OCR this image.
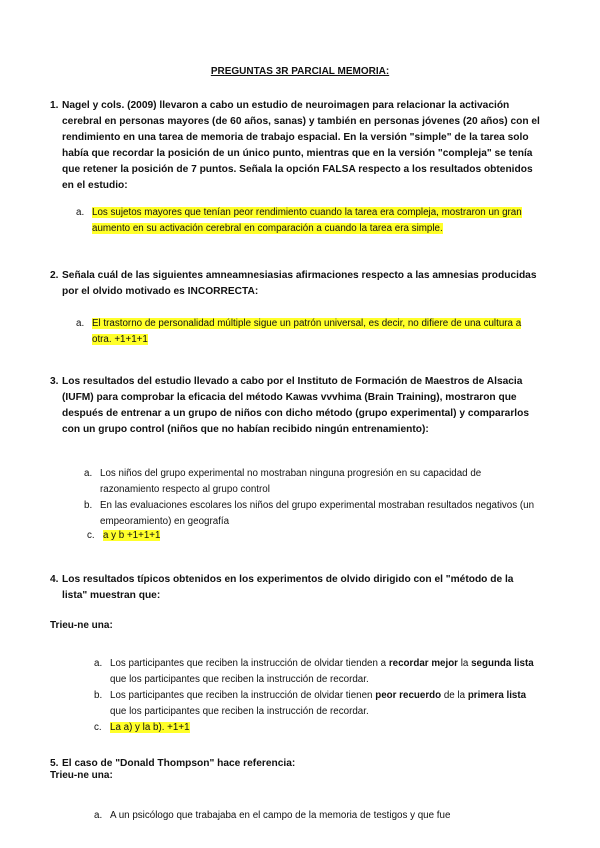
PREGUNTAS 3R PARCIAL MEMORIA:
1. Nagel y cols. (2009) llevaron a cabo un estudio de neuroimagen para relacionar la activación cerebral en personas mayores (de 60 años, sanas) y también en personas jóvenes (20 años) con el rendimiento en una tarea de memoria de trabajo espacial. En la versión "simple" de la tarea solo había que recordar la posición de un único punto, mientras que en la versión "compleja" se tenía que retener la posición de 7 puntos. Señala la opción FALSA respecto a los resultados obtenidos en el estudio:
a. Los sujetos mayores que tenían peor rendimiento cuando la tarea era compleja, mostraron un gran aumento en su activación cerebral en comparación a cuando la tarea era simple.
2. Señala cuál de las siguientes amneamnesiasias afirmaciones respecto a las amnesias producidas por el olvido motivado es INCORRECTA:
a. El trastorno de personalidad múltiple sigue un patrón universal, es decir, no difiere de una cultura a otra. +1+1+1
3. Los resultados del estudio llevado a cabo por el Instituto de Formación de Maestros de Alsacia (IUFM) para comprobar la eficacia del método Kawas vvvhima (Brain Training), mostraron que después de entrenar a un grupo de niños con dicho método (grupo experimental) y compararlos con un grupo control (niños que no habían recibido ningún entrenamiento):
a. Los niños del grupo experimental no mostraban ninguna progresión en su capacidad de razonamiento respecto al grupo control
b. En las evaluaciones escolares los niños del grupo experimental mostraban resultados negativos (un empeoramiento) en geografía
c. a y b +1+1+1
4. Los resultados típicos obtenidos en los experimentos de olvido dirigido con el "método de la lista" muestran que:
Trieu-ne una:
a. Los participantes que reciben la instrucción de olvidar tienden a recordar mejor la segunda lista que los participantes que reciben la instrucción de recordar.
b. Los participantes que reciben la instrucción de olvidar tienen peor recuerdo de la primera lista que los participantes que reciben la instrucción de recordar.
c. La a) y la b). +1+1
5. El caso de "Donald Thompson" hace referencia:
Trieu-ne una:
a. A un psicólogo que trabajaba en el campo de la memoria de testigos y que fue
